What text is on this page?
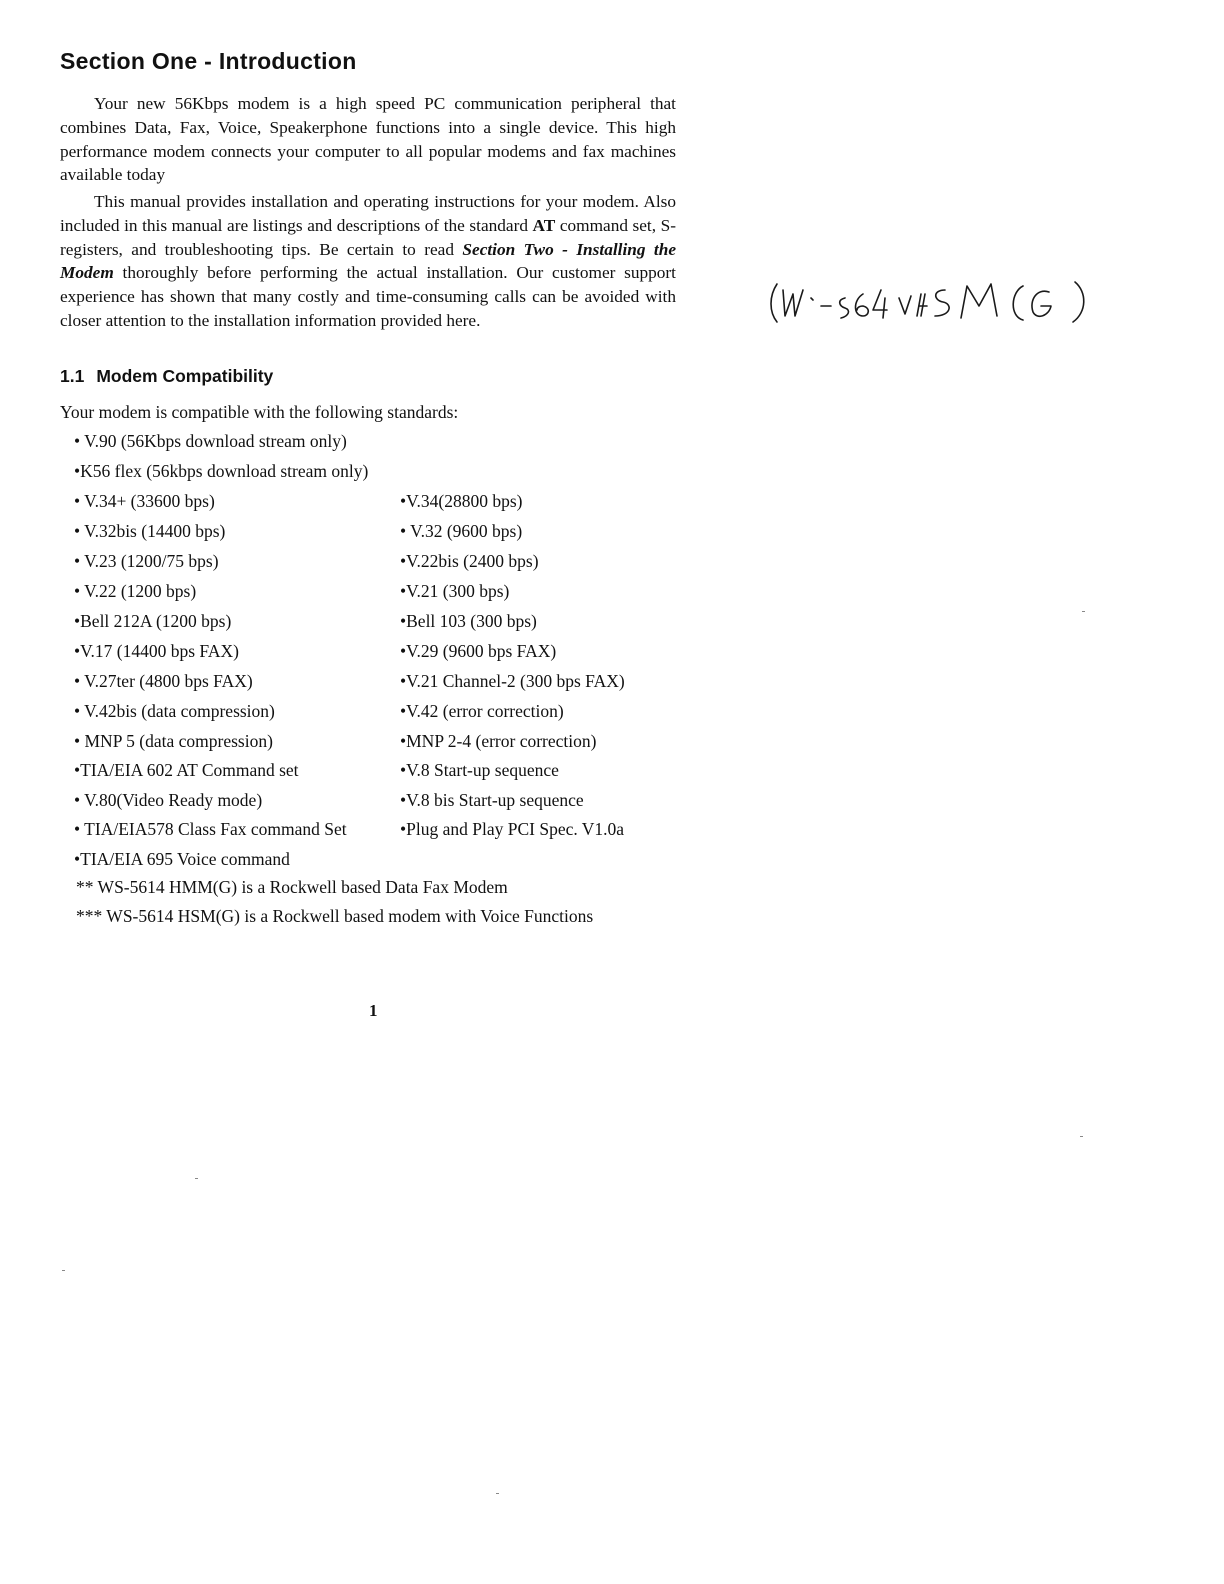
Section One - Introduction

Your new 56Kbps modem is a high speed PC communication peripheral that combines Data, Fax, Voice, Speakerphone functions into a single device. This high performance modem connects your computer to all popular modems and fax machines available today

This manual provides installation and operating instructions for your modem. Also included in this manual are listings and descriptions of the standard AT command set, S-registers, and troubleshooting tips. Be certain to read Section Two - Installing the Modem thoroughly before performing the actual installation. Our customer support experience has shown that many costly and time-consuming calls can be avoided with closer attention to the installation information provided here.

1.1 Modem Compatibility

Your modem is compatible with the following standards:

• V.90 (56Kbps download stream only)
•K56 flex (56kbps download stream only)
• V.34+ (33600 bps)	•V.34(28800 bps)
• V.32bis (14400 bps)	• V.32 (9600 bps)
• V.23 (1200/75 bps)	•V.22bis (2400 bps)
• V.22 (1200 bps)	•V.21 (300 bps)
•Bell 212A (1200 bps)	•Bell 103 (300 bps)
•V.17 (14400 bps FAX)	•V.29 (9600 bps FAX)
• V.27ter (4800 bps FAX)	•V.21 Channel-2 (300 bps FAX)
• V.42bis (data compression)	•V.42 (error correction)
• MNP 5 (data compression)	•MNP 2-4 (error correction)
•TIA/EIA 602 AT Command set	•V.8 Start-up sequence
• V.80(Video Ready mode)	•V.8 bis Start-up sequence
• TIA/EIA578 Class Fax command Set	•Plug and Play PCI Spec. V1.0a
•TIA/EIA 695 Voice command
** WS-5614 HMM(G) is a Rockwell based Data Fax Modem
*** WS-5614 HSM(G) is a Rockwell based modem with Voice Functions
1
